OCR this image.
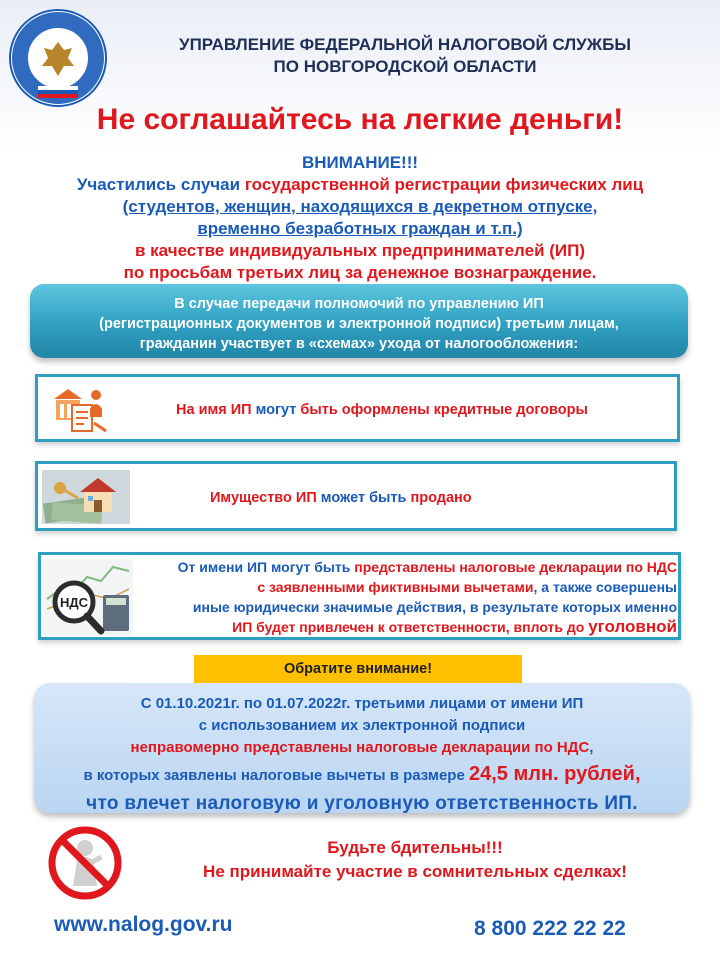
УПРАВЛЕНИЕ ФЕДЕРАЛЬНОЙ НАЛОГОВОЙ СЛУЖБЫ
ПО НОВГОРОДСКОЙ ОБЛАСТИ
Не соглашайтесь на легкие деньги!
ВНИМАНИЕ!!!
Участились случаи государственной регистрации физических лиц
(студентов, женщин, находящихся в декретном отпуске,
временно безработных граждан и т.п.)
в качестве индивидуальных предпринимателей (ИП)
по просьбам третьих лиц за денежное вознаграждение.
В случае передачи полномочий по управлению ИП
(регистрационных документов и электронной подписи) третьим лицам,
гражданин участвует в «схемах» ухода от налогообложения:
На имя ИП могут быть оформлены кредитные договоры
Имущество ИП может быть продано
НДС
От имени ИП могут быть представлены налоговые декларации по НДС
с заявленными фиктивными вычетами, а также совершены
иные юридически значимые действия, в результате которых именно
ИП будет привлечен к ответственности, вплоть до уголовной
Обратите внимание!
С 01.10.2021г. по 01.07.2022г. третьими лицами от имени ИП
с использованием их электронной подписи
неправомерно представлены налоговые декларации по НДС,
в которых заявлены налоговые вычеты в размере 24,5 млн. рублей,
что влечет налоговую и уголовную ответственность ИП.
Будьте бдительны!!!
Не принимайте участие в сомнительных сделках!
www.nalog.gov.ru	8 800 222 22 22
